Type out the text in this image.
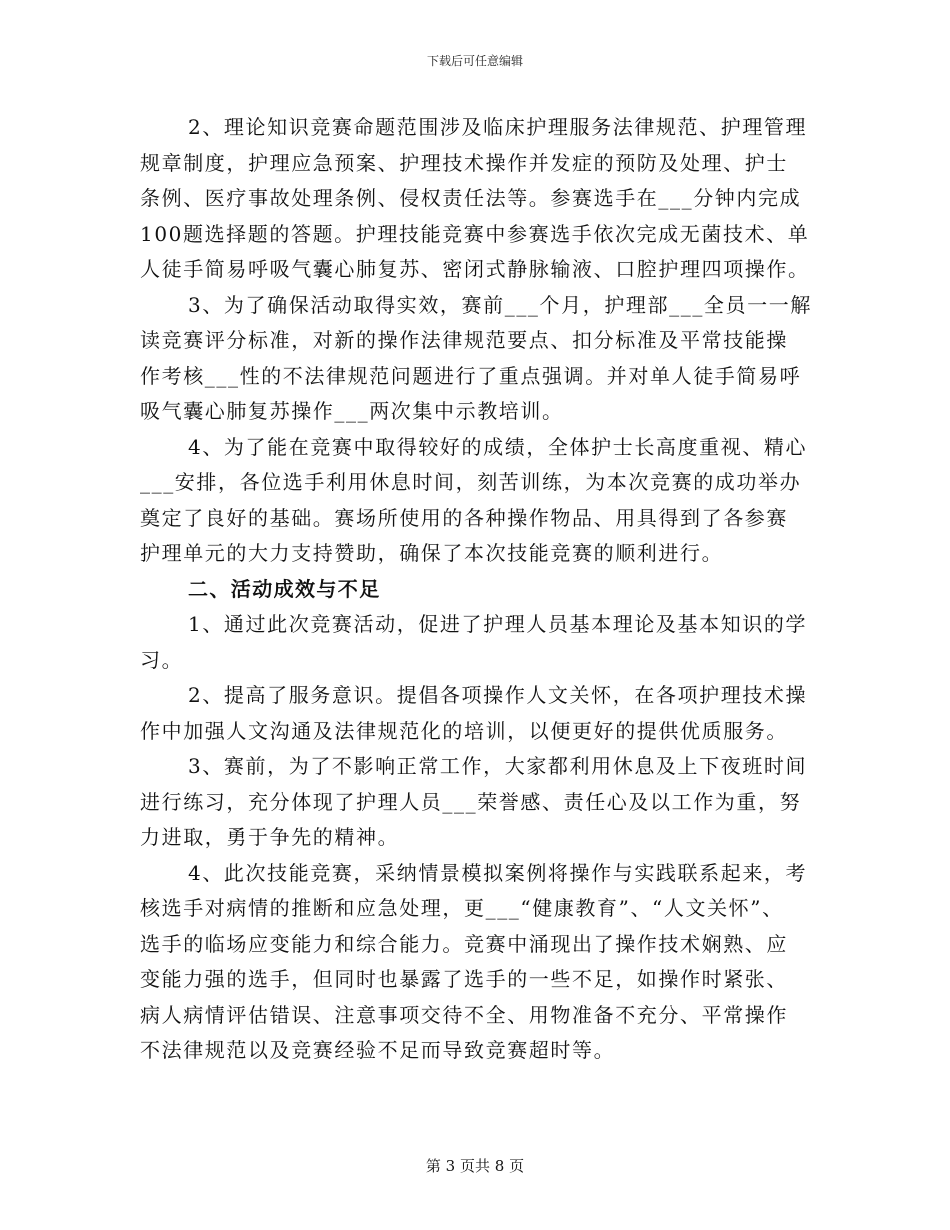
下载后可任意编辑
2、理论知识竞赛命题范围涉及临床护理服务法律规范、护理管理
规章制度，护理应急预案、护理技术操作并发症的预防及处理、护士
条例、医疗事故处理条例、侵权责任法等。参赛选手在___分钟内完成
100题选择题的答题。护理技能竞赛中参赛选手依次完成无菌技术、单
人徒手简易呼吸气囊心肺复苏、密闭式静脉输液、口腔护理四项操作。
3、为了确保活动取得实效，赛前___个月，护理部___全员一一解
读竞赛评分标准，对新的操作法律规范要点、扣分标准及平常技能操
作考核___性的不法律规范问题进行了重点强调。并对单人徒手简易呼
吸气囊心肺复苏操作___两次集中示教培训。
4、为了能在竞赛中取得较好的成绩，全体护士长高度重视、精心
___安排，各位选手利用休息时间，刻苦训练，为本次竞赛的成功举办
奠定了良好的基础。赛场所使用的各种操作物品、用具得到了各参赛
护理单元的大力支持赞助，确保了本次技能竞赛的顺利进行。
二、活动成效与不足
1、通过此次竞赛活动，促进了护理人员基本理论及基本知识的学
习。
2、提高了服务意识。提倡各项操作人文关怀，在各项护理技术操
作中加强人文沟通及法律规范化的培训，以便更好的提供优质服务。
3、赛前，为了不影响正常工作，大家都利用休息及上下夜班时间
进行练习，充分体现了护理人员___荣誉感、责任心及以工作为重，努
力进取，勇于争先的精神。
4、此次技能竞赛，采纳情景模拟案例将操作与实践联系起来，考
核选手对病情的推断和应急处理，更___“健康教育”、“人文关怀”、
选手的临场应变能力和综合能力。竞赛中涌现出了操作技术娴熟、应
变能力强的选手，但同时也暴露了选手的一些不足，如操作时紧张、
病人病情评估错误、注意事项交待不全、用物准备不充分、平常操作
不法律规范以及竞赛经验不足而导致竞赛超时等。
第 3 页共 8 页
